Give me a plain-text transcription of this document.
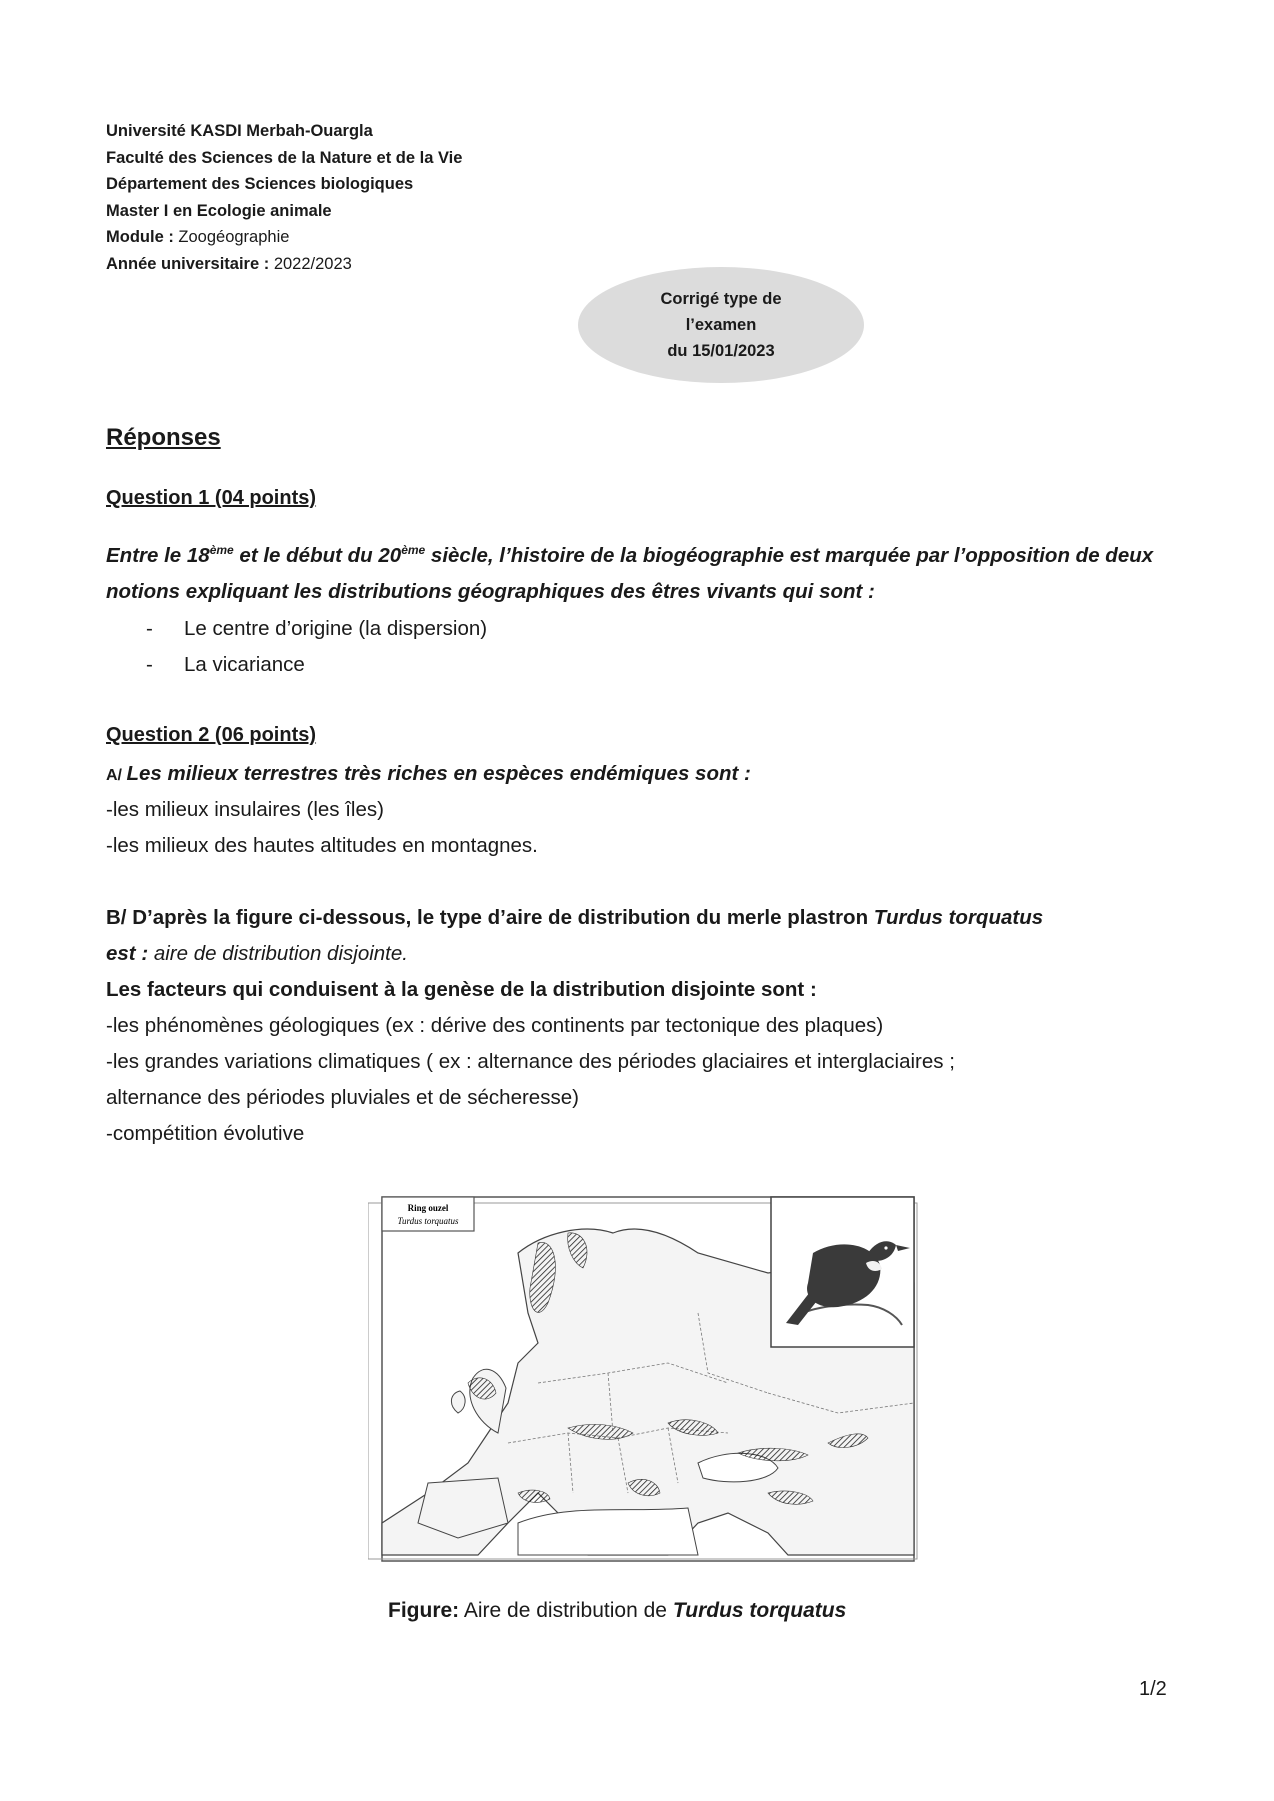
Université KASDI Merbah-Ouargla
Faculté des Sciences de la Nature et de la Vie
Département des Sciences biologiques
Master I en Ecologie animale
Module : Zoogéographie
Année universitaire : 2022/2023
Corrigé type de
l’examen
du 15/01/2023
Réponses
Question 1 (04 points)
Entre le 18ème et le début du 20ème siècle, l’histoire de la biogéographie est marquée par l’opposition de deux notions expliquant les distributions géographiques des êtres vivants qui sont :
- Le centre d’origine (la dispersion)
- La vicariance
Question 2 (06 points)
A/ Les milieux terrestres très riches en espèces endémiques sont :
-les milieux insulaires (les îles)
-les milieux des hautes altitudes en montagnes.
B/ D’après la figure ci-dessous, le type d’aire de distribution du merle plastron Turdus torquatus
est : aire de distribution disjointe.
Les facteurs qui conduisent à la genèse de la distribution disjointe sont :
-les phénomènes géologiques (ex : dérive des continents par tectonique des plaques)
-les grandes variations climatiques ( ex : alternance des périodes glaciaires et interglaciaires ;
alternance des périodes pluviales et de sécheresse)
-compétition évolutive
Ring ouzel
Turdus torquatus
Figure: Aire de distribution de Turdus torquatus
1/2
